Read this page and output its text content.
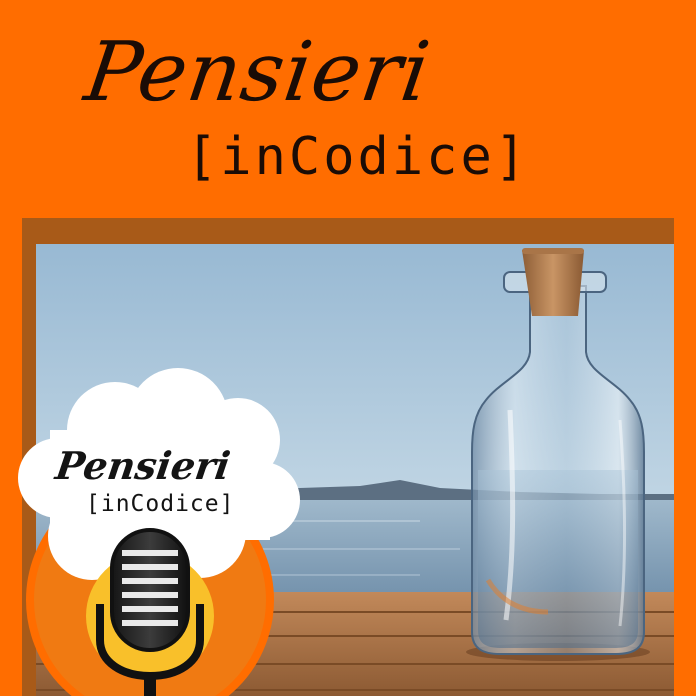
Pensieri
[inCodice]
Pensieri
[inCodice]
